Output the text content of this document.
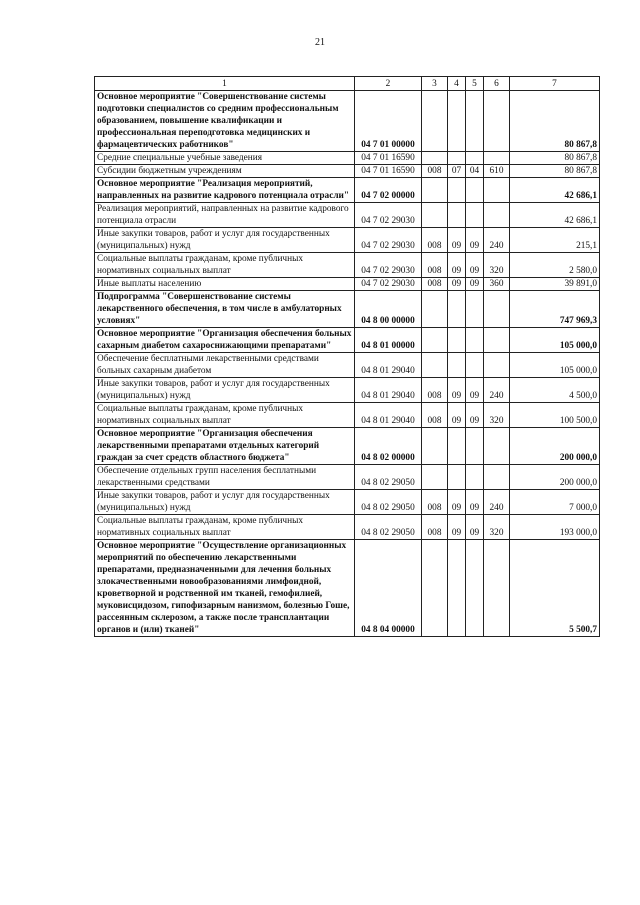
21
1	2	3	4	5	6	7
Основное мероприятие "Совершенствование системы подготовки специалистов со средним профессиональным образованием, повышение квалификации и профессиональная переподготовка медицинских и фармацевтических работников"	04 7 01 00000					80 867,8
Средние специальные учебные заведения	04 7 01 16590					80 867,8
Субсидии бюджетным учреждениям	04 7 01 16590	008	07	04	610	80 867,8
Основное мероприятие "Реализация мероприятий, направленных на развитие кадрового потенциала отрасли"	04 7 02 00000					42 686,1
Реализация мероприятий, направленных на развитие кадрового потенциала отрасли	04 7 02 29030					42 686,1
Иные закупки товаров, работ и услуг для государственных (муниципальных) нужд	04 7 02 29030	008	09	09	240	215,1
Социальные выплаты гражданам, кроме публичных нормативных социальных выплат	04 7 02 29030	008	09	09	320	2 580,0
Иные выплаты населению	04 7 02 29030	008	09	09	360	39 891,0
Подпрограмма "Совершенствование системы лекарственного обеспечения, в том числе в амбулаторных условиях"	04 8 00 00000					747 969,3
Основное мероприятие "Организация обеспечения больных сахарным диабетом сахароснижающими препаратами"	04 8 01 00000					105 000,0
Обеспечение бесплатными лекарственными средствами больных сахарным диабетом	04 8 01 29040					105 000,0
Иные закупки товаров, работ и услуг для государственных (муниципальных) нужд	04 8 01 29040	008	09	09	240	4 500,0
Социальные выплаты гражданам, кроме публичных нормативных социальных выплат	04 8 01 29040	008	09	09	320	100 500,0
Основное мероприятие "Организация обеспечения лекарственными препаратами отдельных категорий граждан за счет средств областного бюджета"	04 8 02 00000					200 000,0
Обеспечение отдельных групп населения бесплатными лекарственными средствами	04 8 02 29050					200 000,0
Иные закупки товаров, работ и услуг для государственных (муниципальных) нужд	04 8 02 29050	008	09	09	240	7 000,0
Социальные выплаты гражданам, кроме публичных нормативных социальных выплат	04 8 02 29050	008	09	09	320	193 000,0
Основное мероприятие "Осуществление организационных мероприятий по обеспечению лекарственными препаратами, предназначенными для лечения больных злокачественными новообразованиями лимфоидной, кроветворной и родственной им тканей, гемофилией, муковисцидозом, гипофизарным нанизмом, болезнью Гоше, рассеянным склерозом, а также после трансплантации органов и (или) тканей"	04 8 04 00000					5 500,7
